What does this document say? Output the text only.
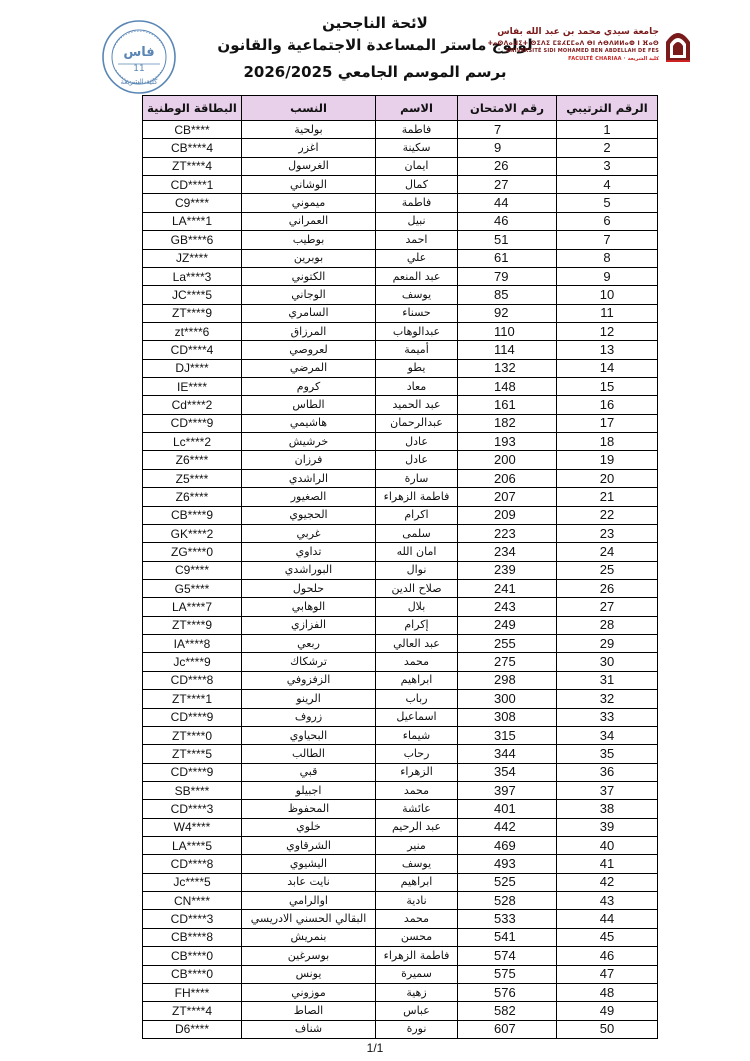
فاس
11
كلية الشريعة
لائحة الناجحين
لولوج ماستر المساعدة الاجتماعية والقانون
برسم الموسم الجامعي 2026/2025
جامعة سيدي محمد بن عبد الله بفاس
ⵜⴰⵙⴷⴰⵡⵉⵜ ⵙⵉⴷⵉ ⵎⵓⵃⵎⵎⴰⴷ ⴱⵏ ⵄⴱⴷⵍⵍⴰⵀ ⵏ ⴼⴰⵙ
UNIVERSITÉ SIDI MOHAMED BEN ABDELLAH DE FES
FACULTÉ CHARIAA · كلية الشريعة
الرقم الترتيبي	رقم الامتحان	الاسم	النسب	البطاقة الوطنية
1	7	فاطمة	بولحية	CB****
2	9	سكينة	اغزر	CB****4
3	26	ايمان	الغرسول	ZT****4
4	27	كمال	الوشاني	CD****1
5	44	فاطمة	ميموني	C9****
6	46	نبيل	العمراني	LA****1
7	51	احمد	بوطيب	GB****6
8	61	علي	بوبرين	JZ****
9	79	عبد المنعم	الكتوني	La****3
10	85	يوسف	الوجاني	JC****5
11	92	حسناء	السامري	ZT****9
12	110	عبدالوهاب	المرزاق	zt****6
13	114	أميمة	لعروصي	CD****4
14	132	يطو	المرضي	DJ****
15	148	معاد	كروم	IE****
16	161	عبد الحميد	الطاس	Cd****2
17	182	عبدالرحمان	هاشيمي	CD****9
18	193	عادل	خرشيش	Lc****2
19	200	عادل	فرزان	Z6****
20	206	سارة	الراشدي	Z5****
21	207	فاطمة الزهراء	الصغيور	Z6****
22	209	اكرام	الحجيوي	CB****9
23	223	سلمى	غربي	GK****2
24	234	امان الله	تداوي	ZG****0
25	239	نوال	البوراشدي	C9****
26	241	صلاح الدين	حلحول	G5****
27	243	بلال	الوهابي	LA****7
28	249	إكرام	الفزازي	ZT****9
29	255	عبد العالي	ربعي	IA****8
30	275	محمد	ترشكاك	Jc****9
31	298	ابراهيم	الزفزوفي	CD****8
32	300	رباب	الرينو	ZT****1
33	308	اسماعيل	زروف	CD****9
34	315	شيماء	البحياوي	ZT****0
35	344	رحاب	الطالب	ZT****5
36	354	الزهراء	قبي	CD****9
37	397	محمد	اجبيلو	SB****
38	401	عائشة	المحفوظ	CD****3
39	442	عبد الرحيم	خلوي	W4****
40	469	منير	الشرقاوي	LA****5
41	493	يوسف	اليشيوي	CD****8
42	525	ابراهيم	نايت عابد	Jc****5
43	528	نادية	اوالرامي	CN****
44	533	محمد	البقالي الحسني الادريسي	CD****3
45	541	محسن	بنمريش	CB****8
46	574	فاطمة الزهراء	بوسرغين	CB****0
47	575	سميرة	يونس	CB****0
48	576	زهية	موزوني	FH****
49	582	عباس	الصاط	ZT****4
50	607	نورة	شناف	D6****
1/1
